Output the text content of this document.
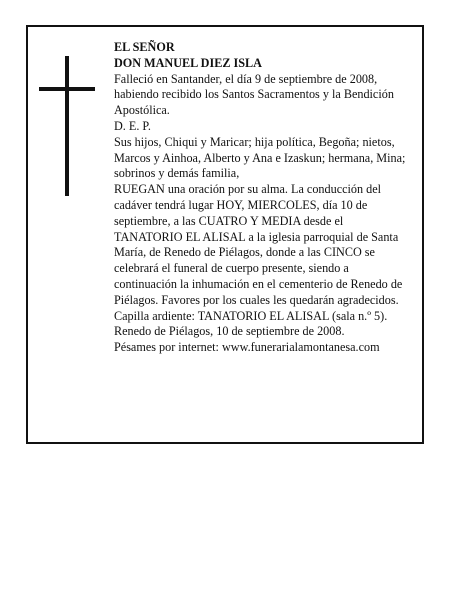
EL SEÑOR

DON MANUEL DIEZ ISLA

Falleció en Santander, el día 9 de septiembre de 2008, habiendo recibido los Santos Sacramentos y la Bendición Apostólica.

D. E. P.

Sus hijos, Chiqui y Maricar; hija política, Begoña; nietos, Marcos y Ainhoa, Alberto y Ana e Izaskun; hermana, Mina; sobrinos y demás familia,

RUEGAN una oración por su alma. La conducción del cadáver tendrá lugar HOY, MIERCOLES, día 10 de septiembre, a las CUATRO Y MEDIA desde el TANATORIO EL ALISAL a la iglesia parroquial de Santa María, de Renedo de Piélagos, donde a las CINCO se celebrará el funeral de cuerpo presente, siendo a continuación la inhumación en el cementerio de Renedo de Piélagos. Favores por los cuales les quedarán agradecidos. Capilla ardiente: TANATORIO EL ALISAL (sala n.º 5).

Renedo de Piélagos, 10 de septiembre de 2008.

Pésames por internet: www.funerarialamontanesa.com
